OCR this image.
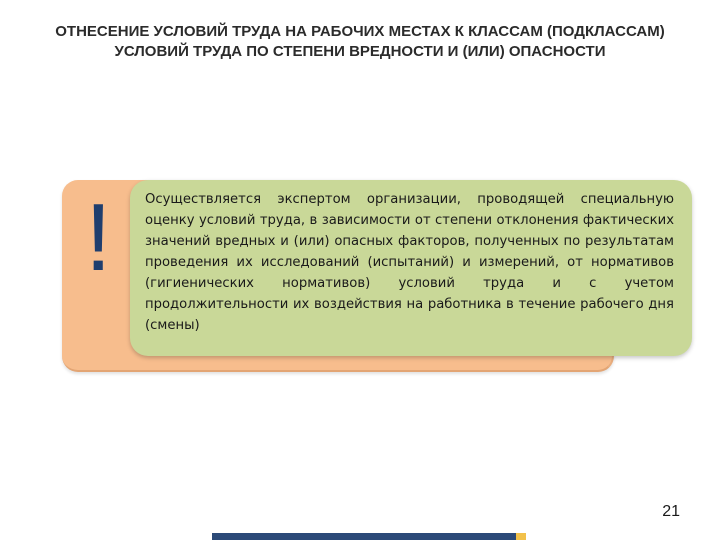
ОТНЕСЕНИЕ УСЛОВИЙ ТРУДА НА РАБОЧИХ МЕСТАХ К КЛАССАМ (ПОДКЛАССАМ) УСЛОВИЙ ТРУДА ПО СТЕПЕНИ ВРЕДНОСТИ И (ИЛИ) ОПАСНОСТИ
!	Осуществляется экспертом организации, проводящей специальную оценку условий труда, в зависимости от степени отклонения фактических значений вредных и (или) опасных факторов, полученных по результатам проведения их исследований (испытаний) и измерений, от нормативов (гигиенических нормативов) условий труда и с учетом продолжительности их воздействия на работника в течение рабочего дня (смены)

21
